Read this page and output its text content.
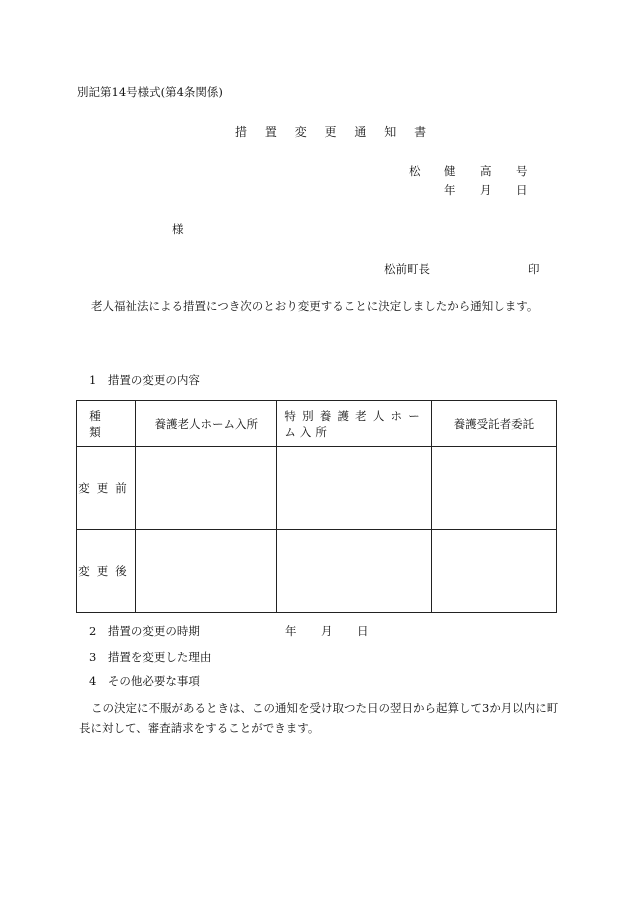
別記第14号様式(第4条関係)
措 置 変 更 通 知 書
松 健 高 号
年 月 日
様
松前町長	印
老人福祉法による措置につき次のとおり変更することに決定しましたから通知します。
1　措置の変更の内容
種類	養護老人ホーム入所	特別養護老人ホーム入所	養護受託者委託
変更前			
変更後			
2　措置の変更の時期	年 月 日
3　措置を変更した理由
4　その他必要な事項
この決定に不服があるときは、この通知を受け取つた日の翌日から起算して3か月以内に町長に対して、審査請求をすることができます。
